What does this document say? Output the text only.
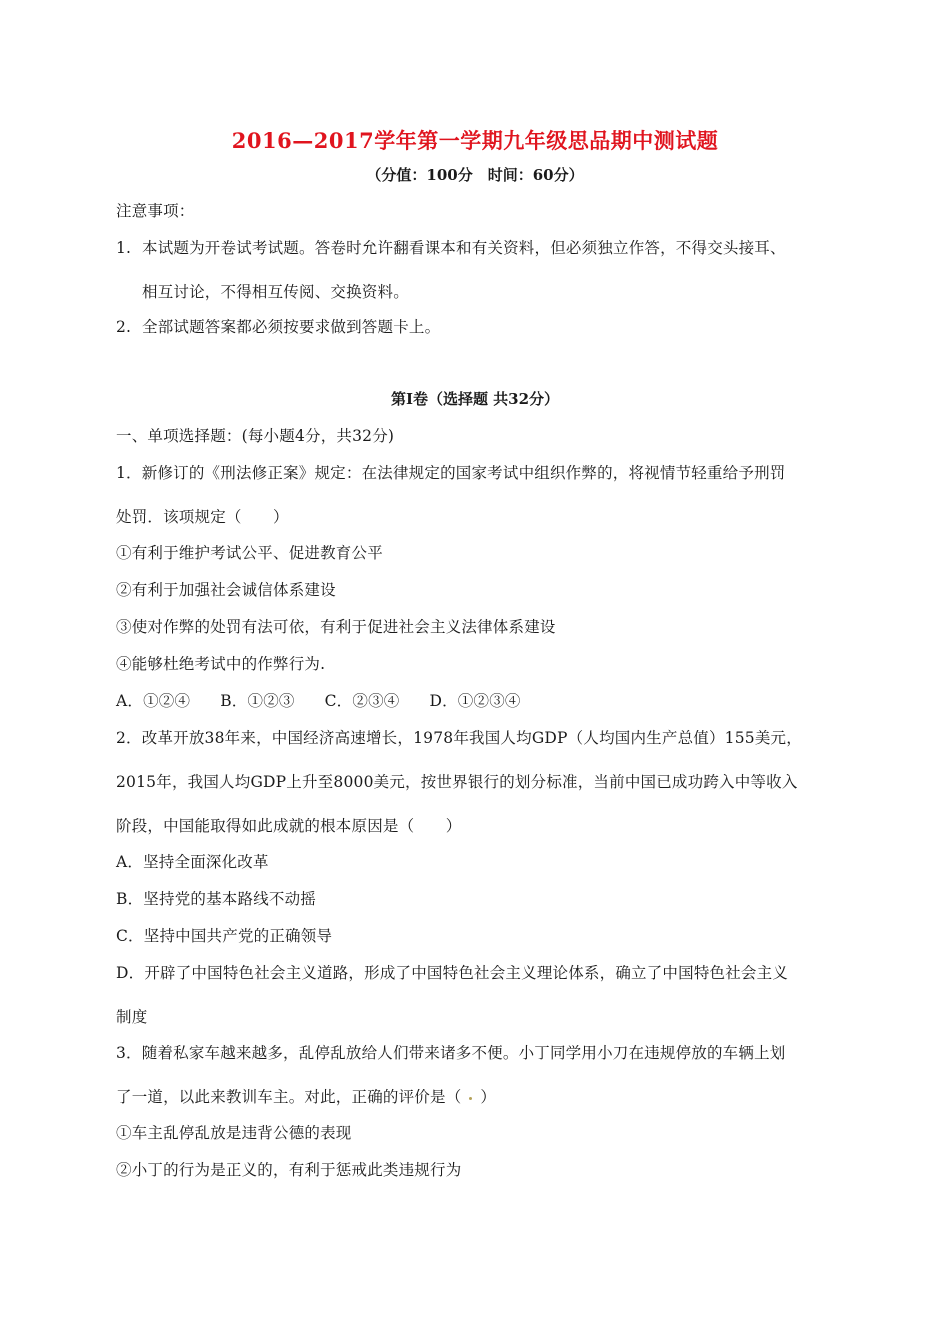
2016—2017学年第一学期九年级思品期中测试题
（分值：100分　时间：60分）
注意事项：
1. 本试题为开卷试考试题。答卷时允许翻看课本和有关资料，但必须独立作答，不得交头接耳、
相互讨论，不得相互传阅、交换资料。
2. 全部试题答案都必须按要求做到答题卡上。
第Ⅰ卷（选择题 共32分）
一、单项选择题：(每小题4分，共32分)
1．新修订的《刑法修正案》规定：在法律规定的国家考试中组织作弊的，将视情节轻重给予刑罚
处罚．该项规定（　　）
①有利于维护考试公平、促进教育公平
②有利于加强社会诚信体系建设
③使对作弊的处罚有法可依，有利于促进社会主义法律体系建设
④能够杜绝考试中的作弊行为.
A．①②④ B．①②③ C．②③④ D．①②③④
2．改革开放38年来，中国经济高速增长，1978年我国人均GDP（人均国内生产总值）155美元，
2015年，我国人均GDP上升至8000美元，按世界银行的划分标准，当前中国已成功跨入中等收入
阶段，中国能取得如此成就的根本原因是（　　）
A．坚持全面深化改革
B．坚持党的基本路线不动摇
C．坚持中国共产党的正确领导
D．开辟了中国特色社会主义道路，形成了中国特色社会主义理论体系，确立了中国特色社会主义
制度
3．随着私家车越来越多，乱停乱放给人们带来诸多不便。小丁同学用小刀在违规停放的车辆上划
了一道，以此来教训车主。对此，正确的评价是（ ）
①车主乱停乱放是违背公德的表现
②小丁的行为是正义的，有利于惩戒此类违规行为
